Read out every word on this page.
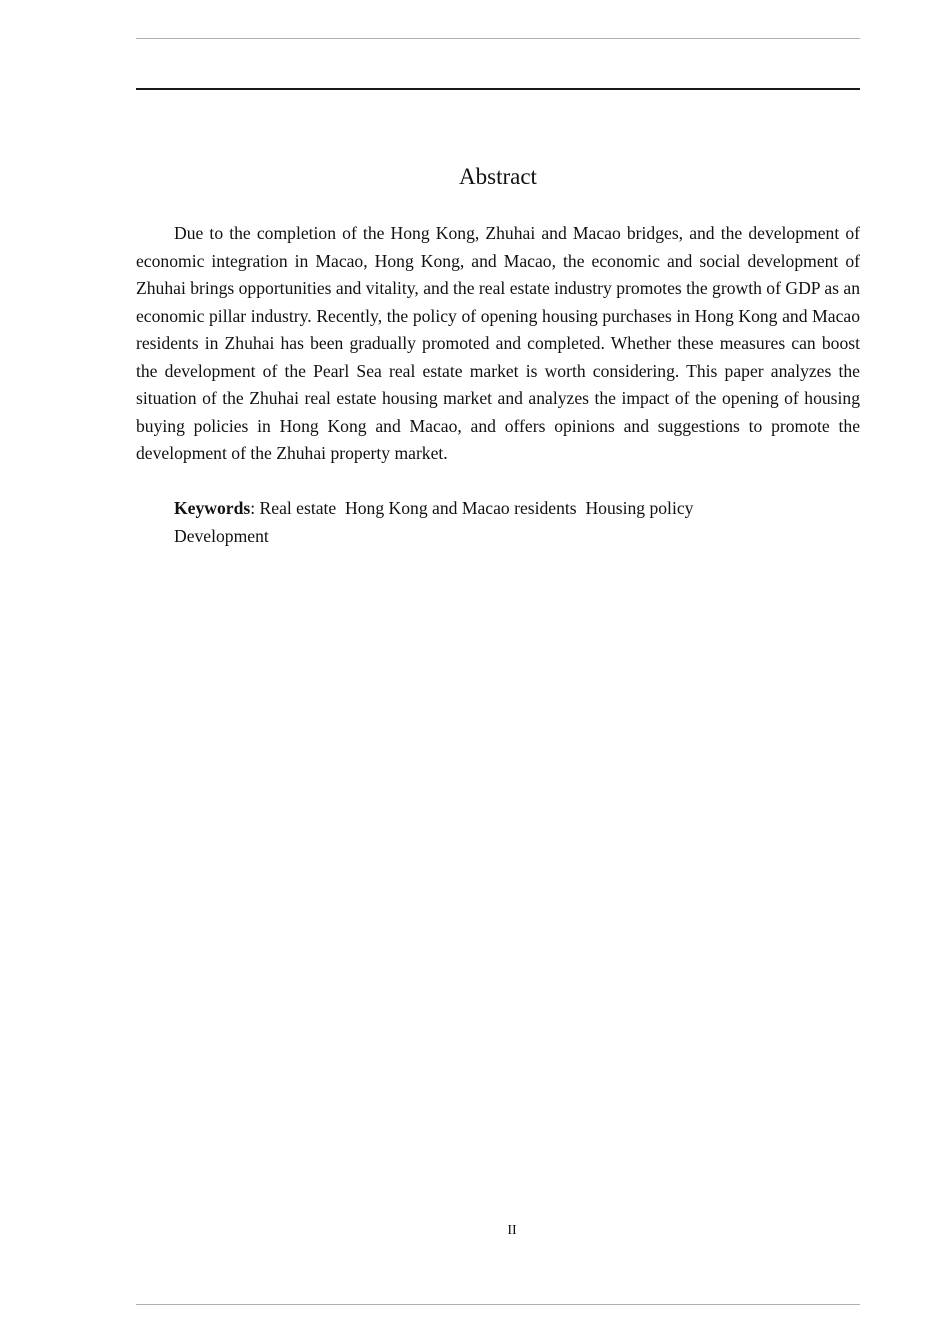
Abstract

Due to the completion of the Hong Kong, Zhuhai and Macao bridges, and the development of economic integration in Macao, Hong Kong, and Macao, the economic and social development of Zhuhai brings opportunities and vitality, and the real estate industry promotes the growth of GDP as an economic pillar industry. Recently, the policy of opening housing purchases in Hong Kong and Macao residents in Zhuhai has been gradually promoted and completed. Whether these measures can boost the development of the Pearl Sea real estate market is worth considering. This paper analyzes the situation of the Zhuhai real estate housing market and analyzes the impact of the opening of housing buying policies in Hong Kong and Macao, and offers opinions and suggestions to promote the development of the Zhuhai property market.

Keywords: Real estate Hong Kong and Macao residents Housing policy
Development

II
